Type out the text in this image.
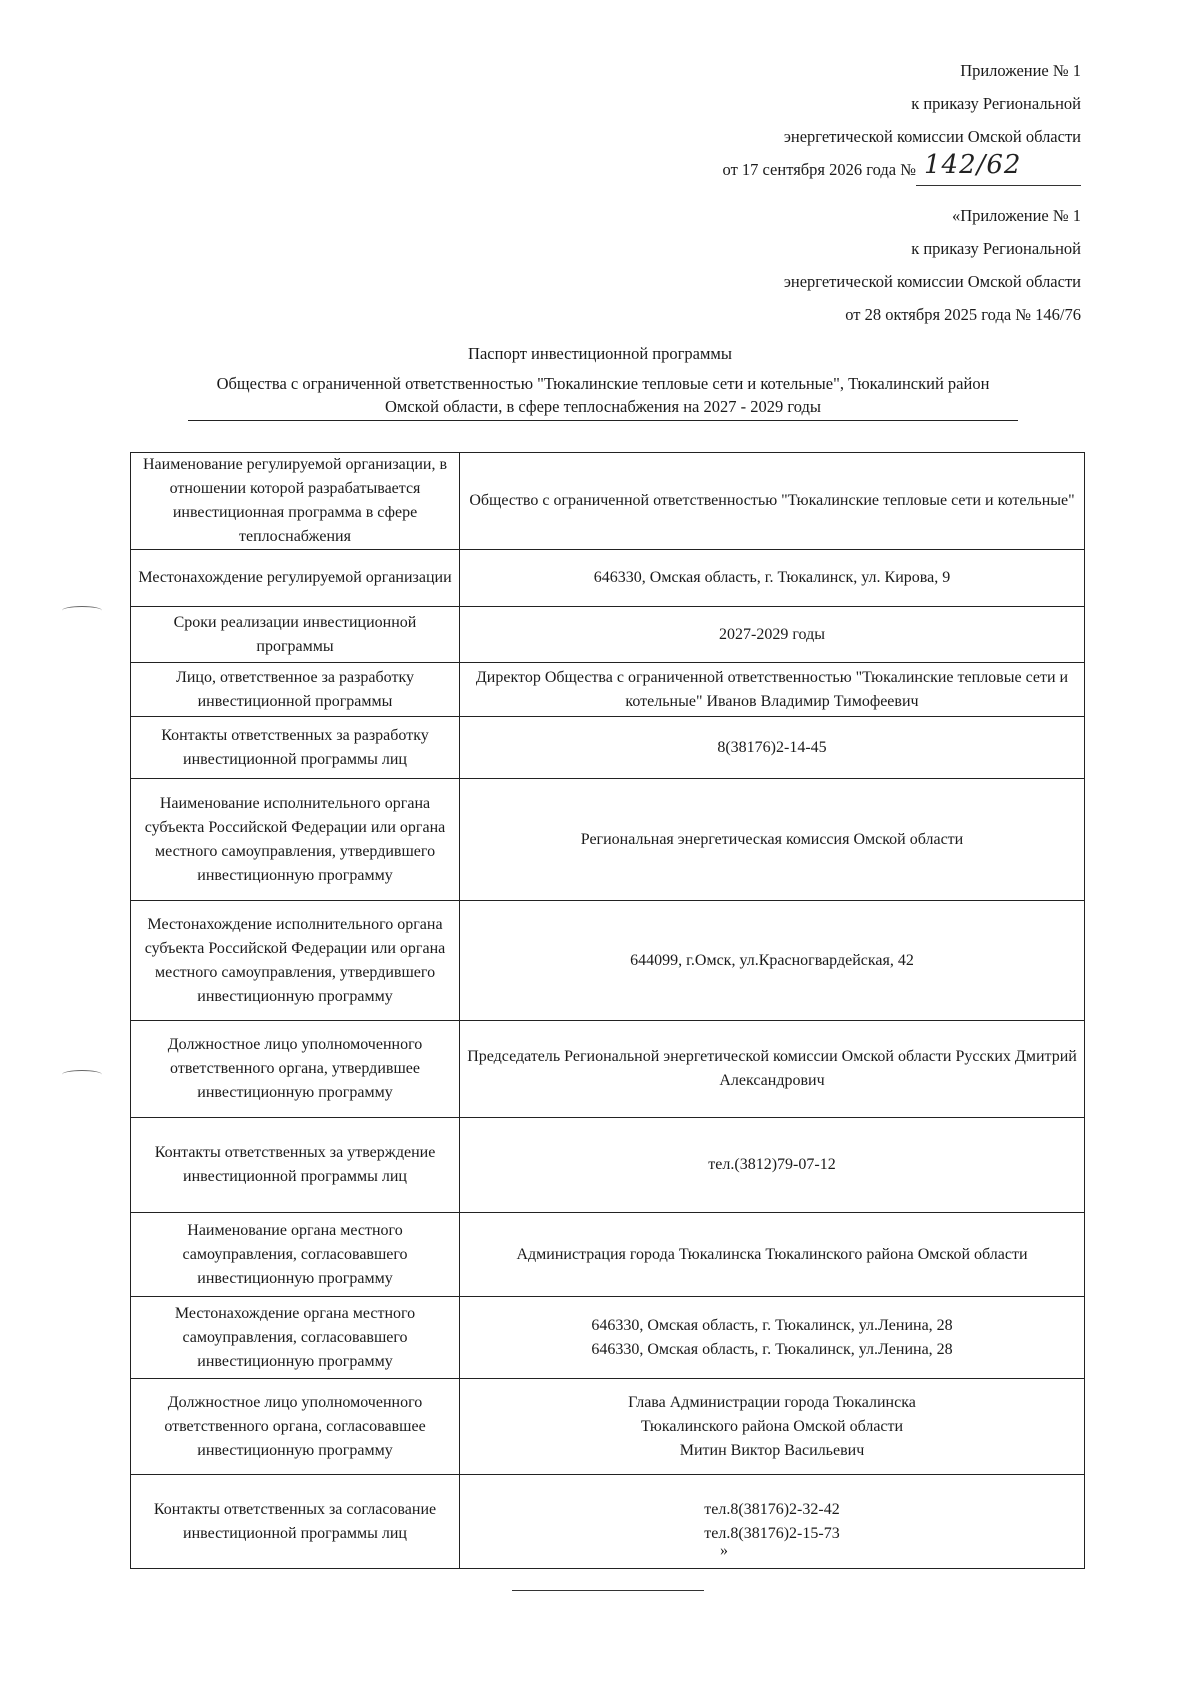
Приложение № 1
к приказу Региональной
энергетической комиссии Омской области
от 17 сентября 2026 года № 142/62
«Приложение № 1
к приказу Региональной
энергетической комиссии Омской области
от 28 октября 2025 года № 146/76
Паспорт инвестиционной программы
Общества с ограниченной ответственностью "Тюкалинские тепловые сети и котельные", Тюкалинский район Омской области, в сфере теплоснабжения на 2027 - 2029 годы
Наименование регулируемой организации, в отношении которой разрабатывается инвестиционная программа в сфере теплоснабжения	Общество с ограниченной ответственностью "Тюкалинские тепловые сети и котельные"
Местонахождение регулируемой организации	646330, Омская область, г. Тюкалинск, ул. Кирова, 9
Сроки реализации инвестиционной программы	2027-2029 годы
Лицо, ответственное за разработку инвестиционной программы	Директор Общества с ограниченной ответственностью "Тюкалинские тепловые сети и котельные" Иванов Владимир Тимофеевич
Контакты ответственных за разработку инвестиционной программы лиц	8(38176)2-14-45
Наименование исполнительного органа субъекта Российской Федерации или органа местного самоуправления, утвердившего инвестиционную программу	Региональная энергетическая комиссия Омской области
Местонахождение исполнительного органа субъекта Российской Федерации или органа местного самоуправления, утвердившего инвестиционную программу	644099, г.Омск, ул.Красногвардейская, 42
Должностное лицо уполномоченного ответственного органа, утвердившее инвестиционную программу	Председатель Региональной энергетической комиссии Омской области Русских Дмитрий Александрович
Контакты ответственных за утверждение инвестиционной программы лиц	тел.(3812)79-07-12
Наименование органа местного самоуправления, согласовавшего инвестиционную программу	Администрация города Тюкалинска Тюкалинского района Омской области
Местонахождение органа местного самоуправления, согласовавшего инвестиционную программу	646330, Омская область, г. Тюкалинск, ул.Ленина, 28
646330, Омская область, г. Тюкалинск, ул.Ленина, 28

Должностное лицо уполномоченного ответственного органа, согласовавшее инвестиционную программу	Глава Администрации города Тюкалинска
Тюкалинского района Омской области
Митин Виктор Васильевич

Контакты ответственных за согласование инвестиционной программы лиц	тел.8(38176)2-32-42
тел.8(38176)2-15-73
»
